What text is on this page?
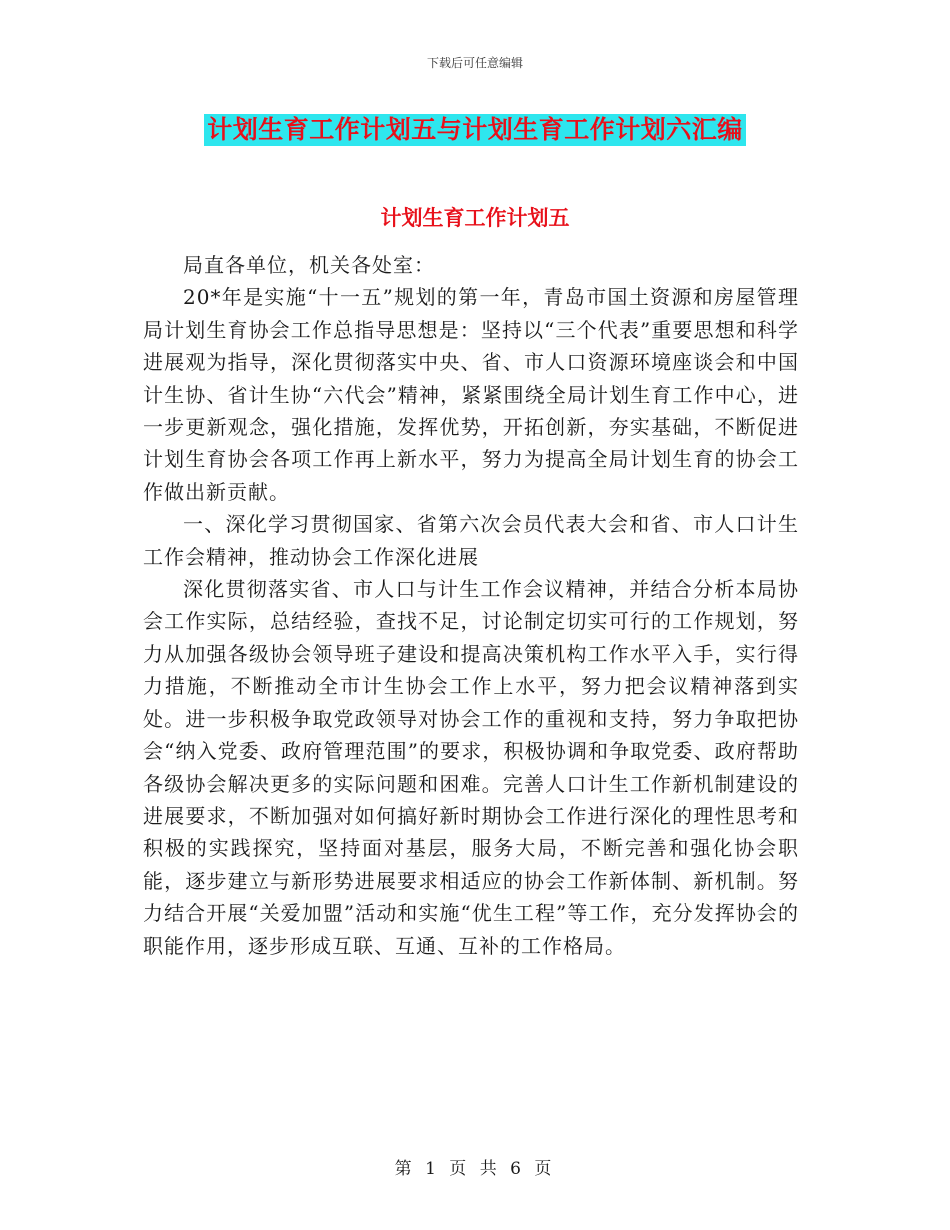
下载后可任意编辑
计划生育工作计划五与计划生育工作计划六汇编
计划生育工作计划五

局直各单位，机关各处室：

20*年是实施“十一五”规划的第一年，青岛市国土资源和房屋管理局计划生育协会工作总指导思想是：坚持以“三个代表”重要思想和科学进展观为指导，深化贯彻落实中央、省、市人口资源环境座谈会和中国计生协、省计生协“六代会”精神，紧紧围绕全局计划生育工作中心，进一步更新观念，强化措施，发挥优势，开拓创新，夯实基础，不断促进计划生育协会各项工作再上新水平，努力为提高全局计划生育的协会工作做出新贡献。

一、深化学习贯彻国家、省第六次会员代表大会和省、市人口计生工作会精神，推动协会工作深化进展

深化贯彻落实省、市人口与计生工作会议精神，并结合分析本局协会工作实际，总结经验，查找不足，讨论制定切实可行的工作规划，努力从加强各级协会领导班子建设和提高决策机构工作水平入手，实行得力措施，不断推动全市计生协会工作上水平，努力把会议精神落到实处。进一步积极争取党政领导对协会工作的重视和支持，努力争取把协会“纳入党委、政府管理范围”的要求，积极协调和争取党委、政府帮助各级协会解决更多的实际问题和困难。完善人口计生工作新机制建设的进展要求，不断加强对如何搞好新时期协会工作进行深化的理性思考和积极的实践探究，坚持面对基层，服务大局，不断完善和强化协会职能，逐步建立与新形势进展要求相适应的协会工作新体制、新机制。努力结合开展“关爱加盟”活动和实施“优生工程”等工作，充分发挥协会的职能作用，逐步形成互联、互通、互补的工作格局。

第 1 页 共 6 页
